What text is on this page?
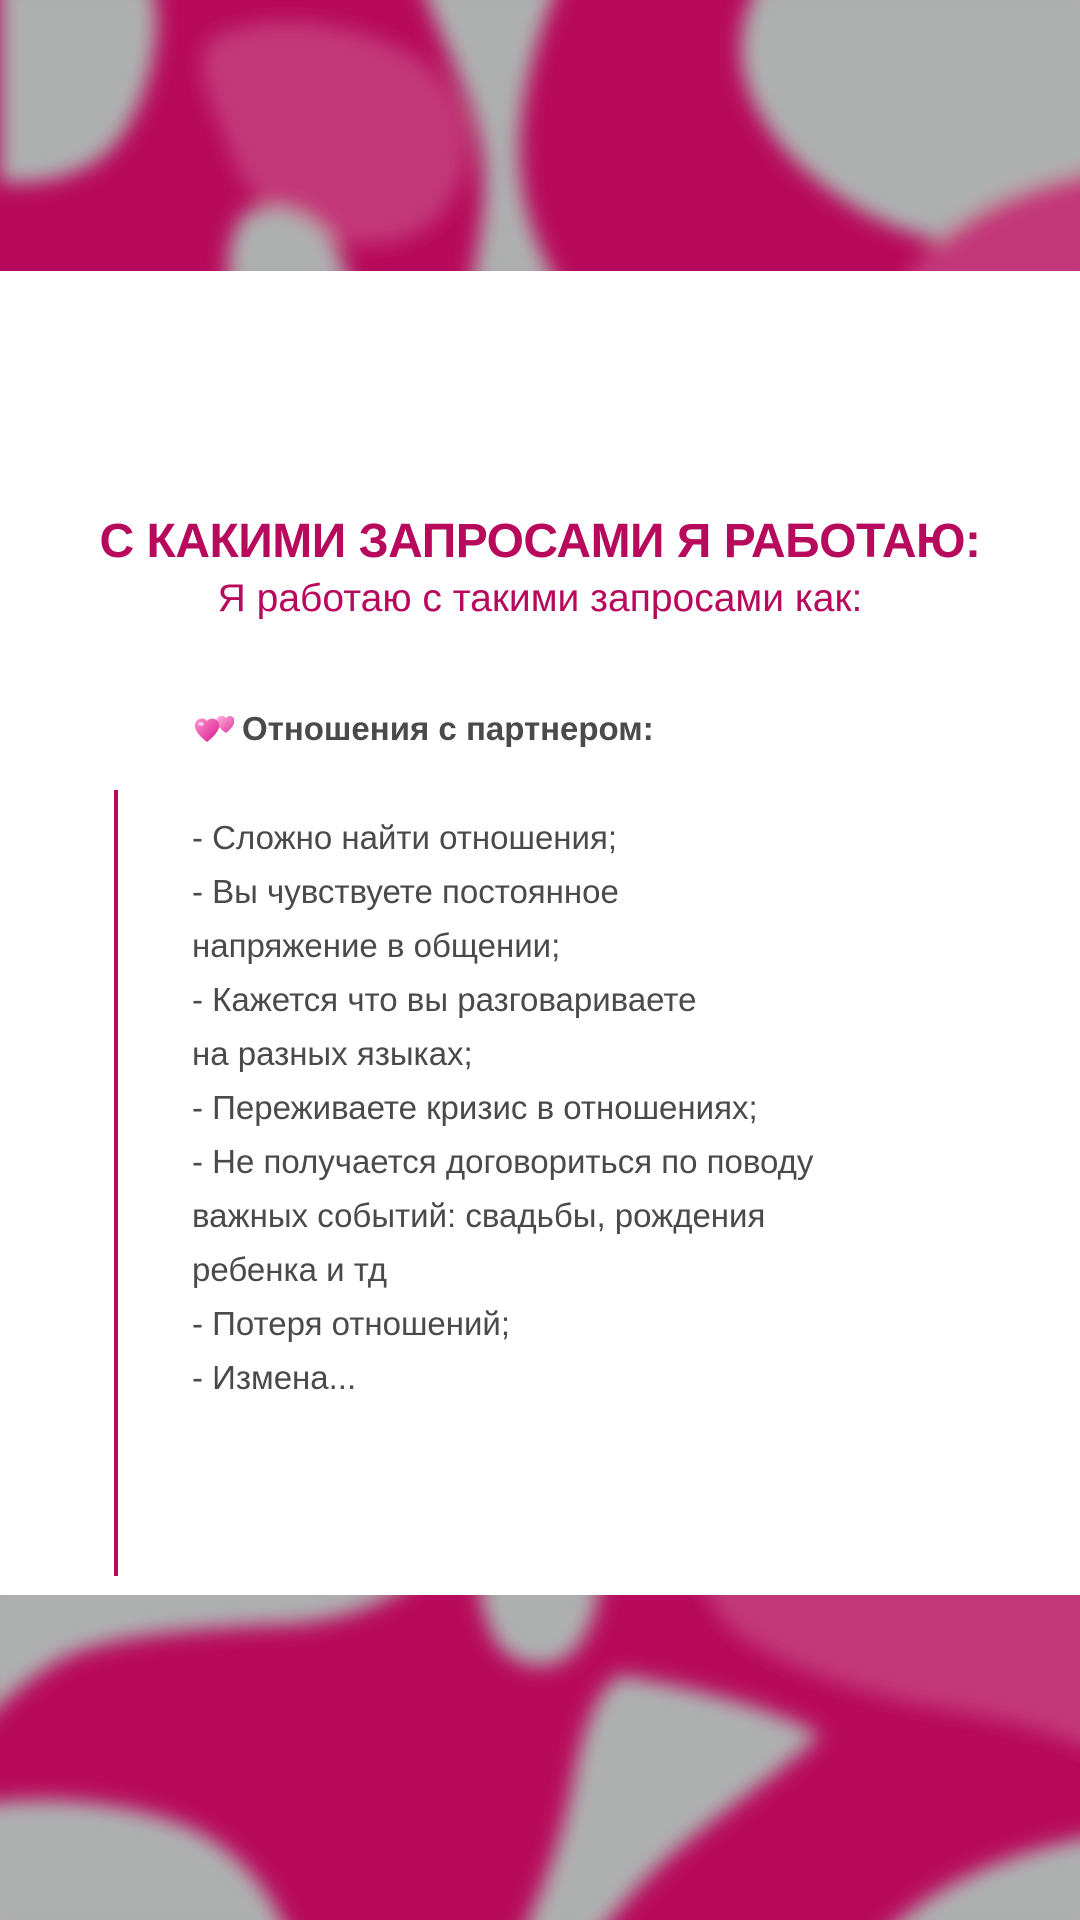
С КАКИМИ ЗАПРОСАМИ Я РАБОТАЮ:
Я работаю с такими запросами как:
Отношения с партнером:
- Сложно найти отношения;
- Вы чувствуете постоянное
напряжение в общении;
- Кажется что вы разговариваете
на разных языках;
- Переживаете кризис в отношениях;
- Не получается договориться по поводу
важных событий: свадьбы, рождения
ребенка и тд
- Потеря отношений;
- Измена...
